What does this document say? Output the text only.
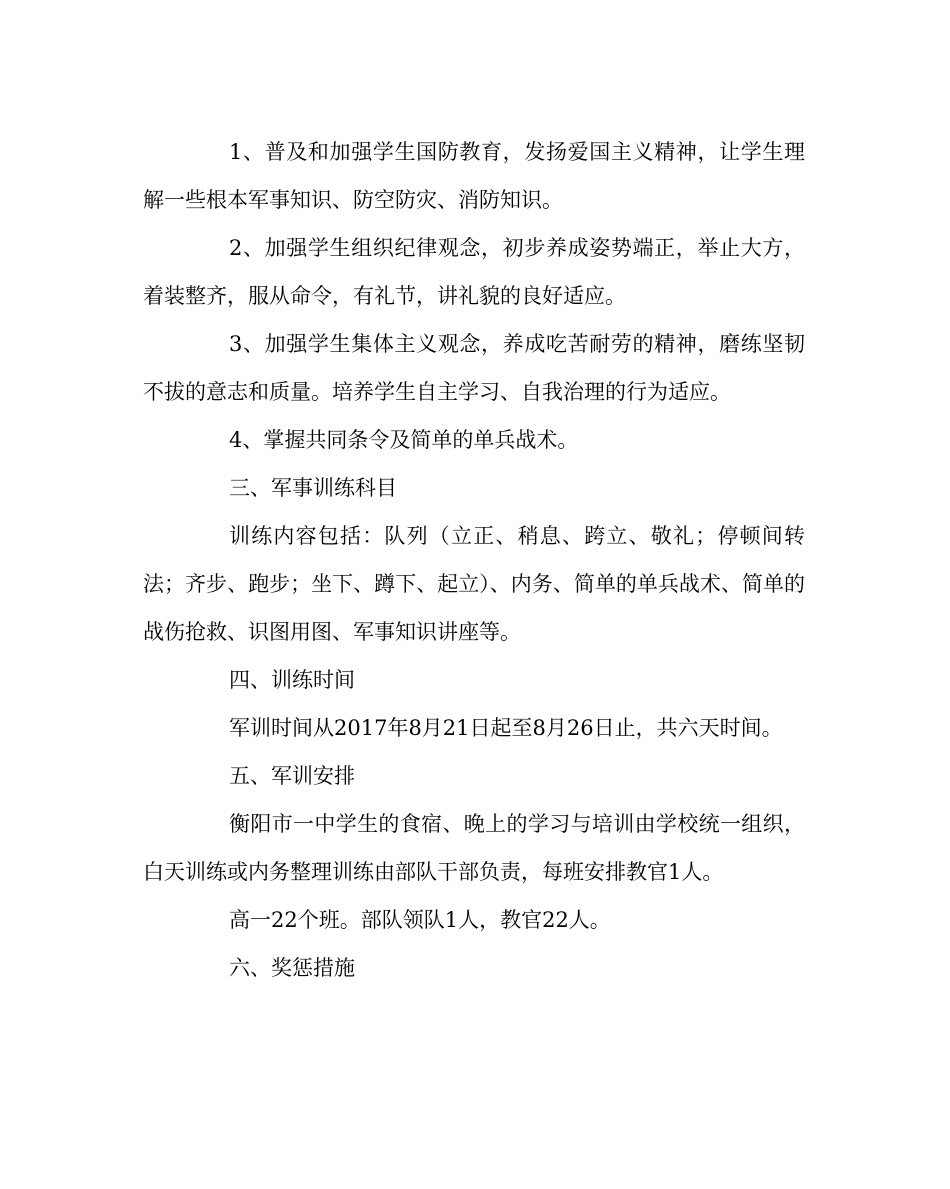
1、普及和加强学生国防教育，发扬爱国主义精神，让学生理解一些根本军事知识、防空防灾、消防知识。

2、加强学生组织纪律观念，初步养成姿势端正，举止大方，着装整齐，服从命令，有礼节，讲礼貌的良好适应。

3、加强学生集体主义观念，养成吃苦耐劳的精神，磨练坚韧不拔的意志和质量。培养学生自主学习、自我治理的行为适应。

4、掌握共同条令及简单的单兵战术。

三、军事训练科目

训练内容包括：队列（立正、稍息、跨立、敬礼；停顿间转法；齐步、跑步；坐下、蹲下、起立）、内务、简单的单兵战术、简单的战伤抢救、识图用图、军事知识讲座等。

四、训练时间

军训时间从2017年8月21日起至8月26日止，共六天时间。

五、军训安排

衡阳市一中学生的食宿、晚上的学习与培训由学校统一组织，白天训练或内务整理训练由部队干部负责，每班安排教官1人。

高一22个班。部队领队1人，教官22人。

六、奖惩措施
